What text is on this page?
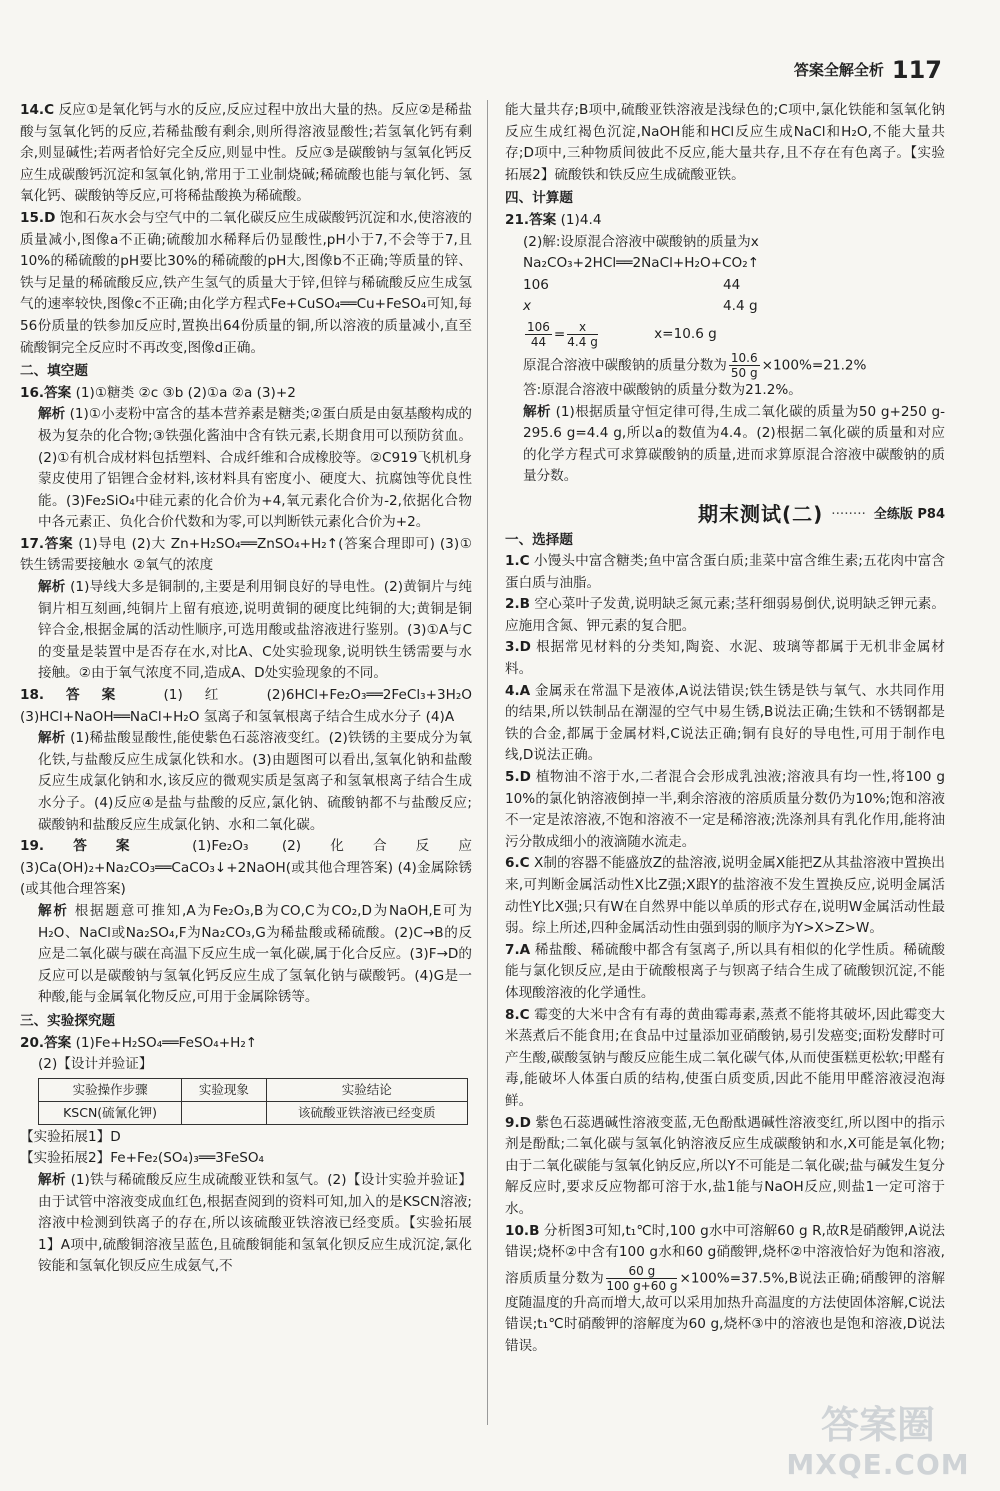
答案全解全析 117

14.C 反应①是氧化钙与水的反应,反应过程中放出大量的热。反应②是稀盐酸与氢氧化钙的反应,若稀盐酸有剩余,则所得溶液显酸性;若氢氧化钙有剩余,则显碱性;若两者恰好完全反应,则显中性。反应③是碳酸钠与氢氧化钙反应生成碳酸钙沉淀和氢氧化钠,常用于工业制烧碱;稀硫酸也能与氧化钙、氢氧化钙、碳酸钠等反应,可将稀盐酸换为稀硫酸。

15.D 饱和石灰水会与空气中的二氧化碳反应生成碳酸钙沉淀和水,使溶液的质量减小,图像a不正确;硫酸加水稀释后仍显酸性,pH小于7,不会等于7,且10%的稀硫酸的pH要比30%的稀硫酸的pH大,图像b不正确;等质量的锌、铁与足量的稀硫酸反应,铁产生氢气的质量大于锌,但锌与稀硫酸反应生成氢气的速率较快,图像c不正确;由化学方程式Fe+CuSO₄══Cu+FeSO₄可知,每56份质量的铁参加反应时,置换出64份质量的铜,所以溶液的质量减小,直至硫酸铜完全反应时不再改变,图像d正确。

二、填空题

16.答案 (1)①糖类 ②c ③b (2)①a ②a (3)+2

解析 (1)①小麦粉中富含的基本营养素是糖类;②蛋白质是由氨基酸构成的极为复杂的化合物;③铁强化酱油中含有铁元素,长期食用可以预防贫血。(2)①有机合成材料包括塑料、合成纤维和合成橡胶等。②C919飞机机身蒙皮使用了铝锂合金材料,该材料具有密度小、硬度大、抗腐蚀等优良性能。(3)Fe₂SiO₄中硅元素的化合价为+4,氧元素化合价为-2,依据化合物中各元素正、负化合价代数和为零,可以判断铁元素化合价为+2。

17.答案 (1)导电 (2)大 Zn+H₂SO₄══ZnSO₄+H₂↑(答案合理即可) (3)①铁生锈需要接触水 ②氧气的浓度

解析 (1)导线大多是铜制的,主要是利用铜良好的导电性。(2)黄铜片与纯铜片相互刻画,纯铜片上留有痕迹,说明黄铜的硬度比纯铜的大;黄铜是铜锌合金,根据金属的活动性顺序,可选用酸或盐溶液进行鉴别。(3)①A与C的变量是装置中是否存在水,对比A、C处实验现象,说明铁生锈需要与水接触。②由于氧气浓度不同,造成A、D处实验现象的不同。

18.答案 (1)红 (2)6HCl+Fe₂O₃══2FeCl₃+3H₂O (3)HCl+NaOH══NaCl+H₂O 氢离子和氢氧根离子结合生成水分子 (4)A

解析 (1)稀盐酸显酸性,能使紫色石蕊溶液变红。(2)铁锈的主要成分为氧化铁,与盐酸反应生成氯化铁和水。(3)由题图可以看出,氢氧化钠和盐酸反应生成氯化钠和水,该反应的微观实质是氢离子和氢氧根离子结合生成水分子。(4)反应④是盐与盐酸的反应,氯化钠、硫酸钠都不与盐酸反应;碳酸钠和盐酸反应生成氯化钠、水和二氧化碳。

19.答案 (1)Fe₂O₃ (2)化合反应 (3)Ca(OH)₂+Na₂CO₃══CaCO₃↓+2NaOH(或其他合理答案) (4)金属除锈(或其他合理答案)

解析 根据题意可推知,A为Fe₂O₃,B为CO,C为CO₂,D为NaOH,E可为H₂O、NaCl或Na₂SO₄,F为Na₂CO₃,G为稀盐酸或稀硫酸。(2)C→B的反应是二氧化碳与碳在高温下反应生成一氧化碳,属于化合反应。(3)F→D的反应可以是碳酸钠与氢氧化钙反应生成了氢氧化钠与碳酸钙。(4)G是一种酸,能与金属氧化物反应,可用于金属除锈等。

三、实验探究题

20.答案 (1)Fe+H₂SO₄══FeSO₄+H₂↑

(2)【设计并验证】

实验操作步骤	实验现象	实验结论
KSCN(硫氰化钾)		该硫酸亚铁溶液已经变质

【实验拓展1】D

【实验拓展2】Fe+Fe₂(SO₄)₃══3FeSO₄

解析 (1)铁与稀硫酸反应生成硫酸亚铁和氢气。(2)【设计实验并验证】由于试管中溶液变成血红色,根据查阅到的资料可知,加入的是KSCN溶液;溶液中检测到铁离子的存在,所以该硫酸亚铁溶液已经变质。【实验拓展1】A项中,硫酸铜溶液呈蓝色,且硫酸铜能和氢氧化钡反应生成沉淀,氯化铵能和氢氧化钡反应生成氨气,不

能大量共存;B项中,硫酸亚铁溶液是浅绿色的;C项中,氯化铁能和氢氧化钠反应生成红褐色沉淀,NaOH能和HCl反应生成NaCl和H₂O,不能大量共存;D项中,三种物质间彼此不反应,能大量共存,且不存在有色离子。【实验拓展2】硫酸铁和铁反应生成硫酸亚铁。

四、计算题

21.答案 (1)4.4

(2)解:设原混合溶液中碳酸钠的质量为x

Na₂CO₃+2HCl══2NaCl+H₂O+CO₂↑

106	44
x	4.4 g
$\frac{106}{44} = \frac{x}{4.4 g}$	x=10.6 g

原混合溶液中碳酸钠的质量分数为 $\frac{10.6}{50 g} \times 100\%=21.2\%$

答:原混合溶液中碳酸钠的质量分数为21.2%。

解析 (1)根据质量守恒定律可得,生成二氧化碳的质量为50 g+250 g-295.6 g=4.4 g,所以a的数值为4.4。(2)根据二氧化碳的质量和对应的化学方程式可求算碳酸钠的质量,进而求算原混合溶液中碳酸钠的质量分数。

期末测试(二) ········ 全练版 P84

一、选择题

1.C 小馒头中富含糖类;鱼中富含蛋白质;韭菜中富含维生素;五花肉中富含蛋白质与油脂。

2.B 空心菜叶子发黄,说明缺乏氮元素;茎秆细弱易倒伏,说明缺乏钾元素。应施用含氮、钾元素的复合肥。

3.D 根据常见材料的分类知,陶瓷、水泥、玻璃等都属于无机非金属材料。

4.A 金属汞在常温下是液体,A说法错误;铁生锈是铁与氧气、水共同作用的结果,所以铁制品在潮湿的空气中易生锈,B说法正确;生铁和不锈钢都是铁的合金,都属于金属材料,C说法正确;铜有良好的导电性,可用于制作电线,D说法正确。

5.D 植物油不溶于水,二者混合会形成乳浊液;溶液具有均一性,将100 g 10%的氯化钠溶液倒掉一半,剩余溶液的溶质质量分数仍为10%;饱和溶液不一定是浓溶液,不饱和溶液不一定是稀溶液;洗涤剂具有乳化作用,能将油污分散成细小的液滴随水流走。

6.C X制的容器不能盛放Z的盐溶液,说明金属X能把Z从其盐溶液中置换出来,可判断金属活动性X比Z强;X跟Y的盐溶液不发生置换反应,说明金属活动性Y比X强;只有W在自然界中能以单质的形式存在,说明W金属活动性最弱。综上所述,四种金属活动性由强到弱的顺序为Y>X>Z>W。

7.A 稀盐酸、稀硫酸中都含有氢离子,所以具有相似的化学性质。稀硫酸能与氯化钡反应,是由于硫酸根离子与钡离子结合生成了硫酸钡沉淀,不能体现酸溶液的化学通性。

8.C 霉变的大米中含有有毒的黄曲霉毒素,蒸煮不能将其破坏,因此霉变大米蒸煮后不能食用;在食品中过量添加亚硝酸钠,易引发癌变;面粉发酵时可产生酸,碳酸氢钠与酸反应能生成二氧化碳气体,从而使蛋糕更松软;甲醛有毒,能破坏人体蛋白质的结构,使蛋白质变质,因此不能用甲醛溶液浸泡海鲜。

9.D 紫色石蕊遇碱性溶液变蓝,无色酚酞遇碱性溶液变红,所以图中的指示剂是酚酞;二氧化碳与氢氧化钠溶液反应生成碳酸钠和水,X可能是氧化物;由于二氧化碳能与氢氧化钠反应,所以Y不可能是二氧化碳;盐与碱发生复分解反应时,要求反应物都可溶于水,盐1能与NaOH反应,则盐1一定可溶于水。

10.B 分析图3可知,t₁℃时,100 g水中可溶解60 g R,故R是硝酸钾,A说法错误;烧杯②中含有100 g水和60 g硝酸钾,烧杯②中溶液恰好为饱和溶液,溶质质量分数为 $\frac{60 g}{100 g+60 g} \times 100\%=37.5\%,B$说法正确;硝酸钾的溶解度随温度的升高而增大,故可以采用加热升高温度的方法使固体溶解,C说法错误;t₁℃时硝酸钾的溶解度为60 g,烧杯③中的溶液也是饱和溶液,D说法错误。

答案圈
MXQE.COM
